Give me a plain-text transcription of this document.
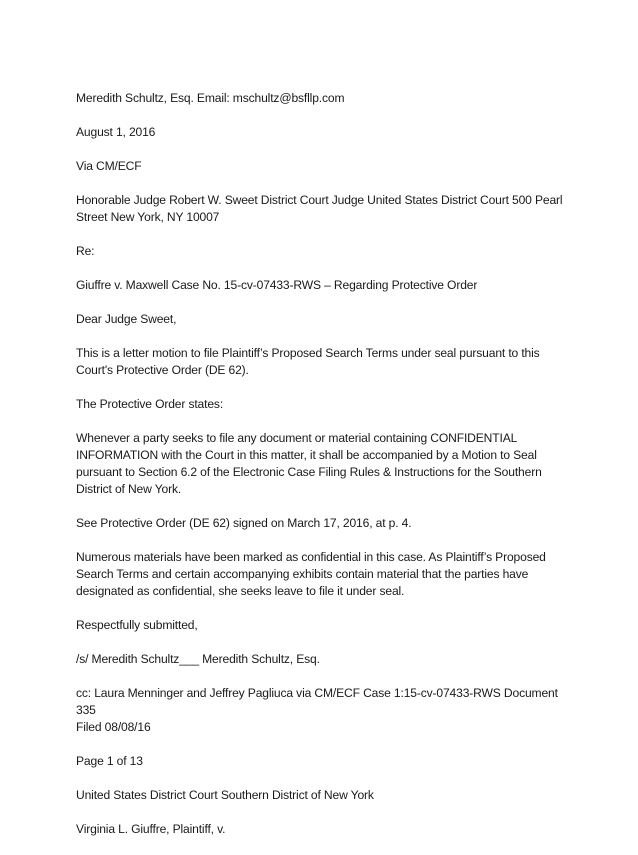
Meredith Schultz, Esq. Email: mschultz@bsfllp.com

August 1, 2016

Via CM/ECF

Honorable Judge Robert W. Sweet District Court Judge United States District Court 500 Pearl
Street New York, NY 10007

Re:

Giuffre v. Maxwell Case No. 15-cv-07433-RWS – Regarding Protective Order

Dear Judge Sweet,

This is a letter motion to file Plaintiff’s Proposed Search Terms under seal pursuant to this
Court's Protective Order (DE 62).

The Protective Order states:

Whenever a party seeks to file any document or material containing CONFIDENTIAL
INFORMATION with the Court in this matter, it shall be accompanied by a Motion to Seal
pursuant to Section 6.2 of the Electronic Case Filing Rules & Instructions for the Southern
District of New York.

See Protective Order (DE 62) signed on March 17, 2016, at p. 4.

Numerous materials have been marked as confidential in this case. As Plaintiff’s Proposed
Search Terms and certain accompanying exhibits contain material that the parties have
designated as confidential, she seeks leave to file it under seal.

Respectfully submitted,

/s/ Meredith Schultz___ Meredith Schultz, Esq.

cc: Laura Menninger and Jeffrey Pagliuca via CM/ECF Case 1:15-cv-07433-RWS Document 335
Filed 08/08/16

Page 1 of 13

United States District Court Southern District of New York

Virginia L. Giuffre, Plaintiff, v.
